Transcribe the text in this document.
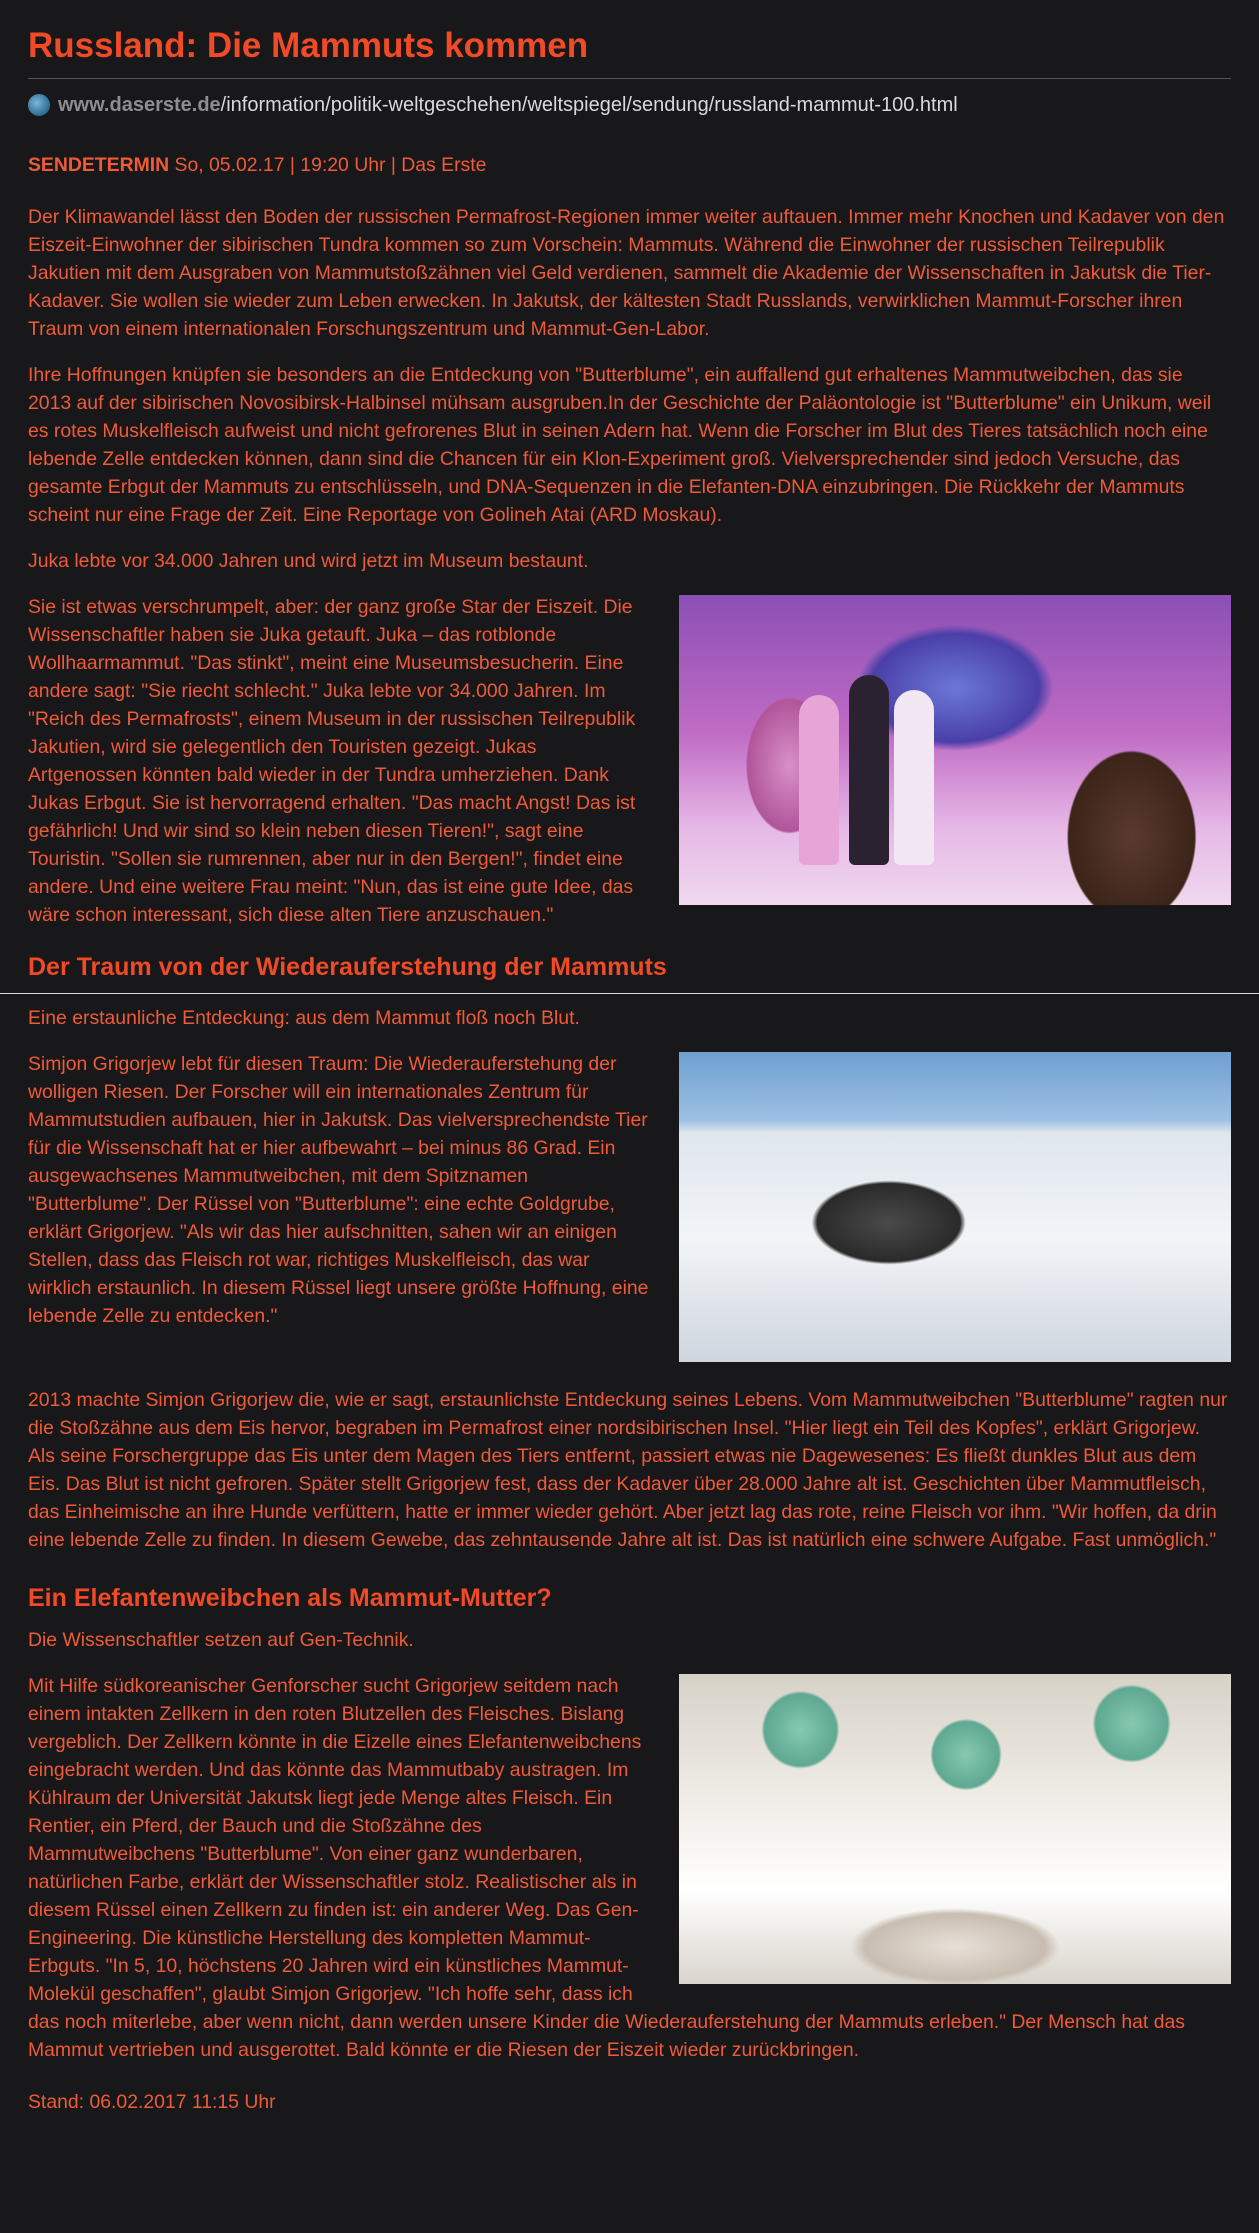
Russland: Die Mammuts kommen
www.daserste.de /information/politik-weltgeschehen/weltspiegel/sendung/russland-mammut-100.html

SENDETERMIN So, 05.02.17 | 19:20 Uhr | Das Erste

Der Klimawandel lässt den Boden der russischen Permafrost-Regionen immer weiter auftauen. Immer mehr Knochen und Kadaver von den Eiszeit-Einwohner der sibirischen Tundra kommen so zum Vorschein: Mammuts. Während die Einwohner der russischen Teilrepublik Jakutien mit dem Ausgraben von Mammutstoßzähnen viel Geld verdienen, sammelt die Akademie der Wissenschaften in Jakutsk die Tier-Kadaver. Sie wollen sie wieder zum Leben erwecken. In Jakutsk, der kältesten Stadt Russlands, verwirklichen Mammut-Forscher ihren Traum von einem internationalen Forschungszentrum und Mammut-Gen-Labor.

Ihre Hoffnungen knüpfen sie besonders an die Entdeckung von "Butterblume", ein auffallend gut erhaltenes Mammutweibchen, das sie 2013 auf der sibirischen Novosibirsk-Halbinsel mühsam ausgruben.In der Geschichte der Paläontologie ist "Butterblume" ein Unikum, weil es rotes Muskelfleisch aufweist und nicht gefrorenes Blut in seinen Adern hat. Wenn die Forscher im Blut des Tieres tatsächlich noch eine lebende Zelle entdecken können, dann sind die Chancen für ein Klon-Experiment groß. Vielversprechender sind jedoch Versuche, das gesamte Erbgut der Mammuts zu entschlüsseln, und DNA-Sequenzen in die Elefanten-DNA einzubringen. Die Rückkehr der Mammuts scheint nur eine Frage der Zeit. Eine Reportage von Golineh Atai (ARD Moskau).

Juka lebte vor 34.000 Jahren und wird jetzt im Museum bestaunt.

Sie ist etwas verschrumpelt, aber: der ganz große Star der Eiszeit. Die Wissenschaftler haben sie Juka getauft. Juka – das rotblonde Wollhaarmammut. "Das stinkt", meint eine Museumsbesucherin. Eine andere sagt: "Sie riecht schlecht." Juka lebte vor 34.000 Jahren. Im "Reich des Permafrosts", einem Museum in der russischen Teilrepublik Jakutien, wird sie gelegentlich den Touristen gezeigt. Jukas Artgenossen könnten bald wieder in der Tundra umherziehen. Dank Jukas Erbgut. Sie ist hervorragend erhalten. "Das macht Angst! Das ist gefährlich! Und wir sind so klein neben diesen Tieren!", sagt eine Touristin. "Sollen sie rumrennen, aber nur in den Bergen!", findet eine andere. Und eine weitere Frau meint: "Nun, das ist eine gute Idee, das wäre schon interessant, sich diese alten Tiere anzuschauen."

Der Traum von der Wiederauferstehung der Mammuts

Eine erstaunliche Entdeckung: aus dem Mammut floß noch Blut.

Simjon Grigorjew lebt für diesen Traum: Die Wiederauferstehung der wolligen Riesen. Der Forscher will ein internationales Zentrum für Mammutstudien aufbauen, hier in Jakutsk. Das vielversprechendste Tier für die Wissenschaft hat er hier aufbewahrt – bei minus 86 Grad. Ein ausgewachsenes Mammutweibchen, mit dem Spitznamen "Butterblume". Der Rüssel von "Butterblume": eine echte Goldgrube, erklärt Grigorjew. "Als wir das hier aufschnitten, sahen wir an einigen Stellen, dass das Fleisch rot war, richtiges Muskelfleisch, das war wirklich erstaunlich. In diesem Rüssel liegt unsere größte Hoffnung, eine lebende Zelle zu entdecken."

2013 machte Simjon Grigorjew die, wie er sagt, erstaunlichste Entdeckung seines Lebens. Vom Mammutweibchen "Butterblume" ragten nur die Stoßzähne aus dem Eis hervor, begraben im Permafrost einer nordsibirischen Insel. "Hier liegt ein Teil des Kopfes", erklärt Grigorjew. Als seine Forschergruppe das Eis unter dem Magen des Tiers entfernt, passiert etwas nie Dagewesenes: Es fließt dunkles Blut aus dem Eis. Das Blut ist nicht gefroren. Später stellt Grigorjew fest, dass der Kadaver über 28.000 Jahre alt ist. Geschichten über Mammutfleisch, das Einheimische an ihre Hunde verfüttern, hatte er immer wieder gehört. Aber jetzt lag das rote, reine Fleisch vor ihm. "Wir hoffen, da drin eine lebende Zelle zu finden. In diesem Gewebe, das zehntausende Jahre alt ist. Das ist natürlich eine schwere Aufgabe. Fast unmöglich."

Ein Elefantenweibchen als Mammut-Mutter?

Die Wissenschaftler setzen auf Gen-Technik.

Mit Hilfe südkoreanischer Genforscher sucht Grigorjew seitdem nach einem intakten Zellkern in den roten Blutzellen des Fleisches. Bislang vergeblich. Der Zellkern könnte in die Eizelle eines Elefantenweibchens eingebracht werden. Und das könnte das Mammutbaby austragen. Im Kühlraum der Universität Jakutsk liegt jede Menge altes Fleisch. Ein Rentier, ein Pferd, der Bauch und die Stoßzähne des Mammutweibchens "Butterblume". Von einer ganz wunderbaren, natürlichen Farbe, erklärt der Wissenschaftler stolz. Realistischer als in diesem Rüssel einen Zellkern zu finden ist: ein anderer Weg. Das Gen-Engineering. Die künstliche Herstellung des kompletten Mammut-Erbguts. "In 5, 10, höchstens 20 Jahren wird ein künstliches Mammut-Molekül geschaffen", glaubt Simjon Grigorjew. "Ich hoffe sehr, dass ich das noch miterlebe, aber wenn nicht, dann werden unsere Kinder die Wiederauferstehung der Mammuts erleben." Der Mensch hat das Mammut vertrieben und ausgerottet. Bald könnte er die Riesen der Eiszeit wieder zurückbringen.

Stand: 06.02.2017 11:15 Uhr
